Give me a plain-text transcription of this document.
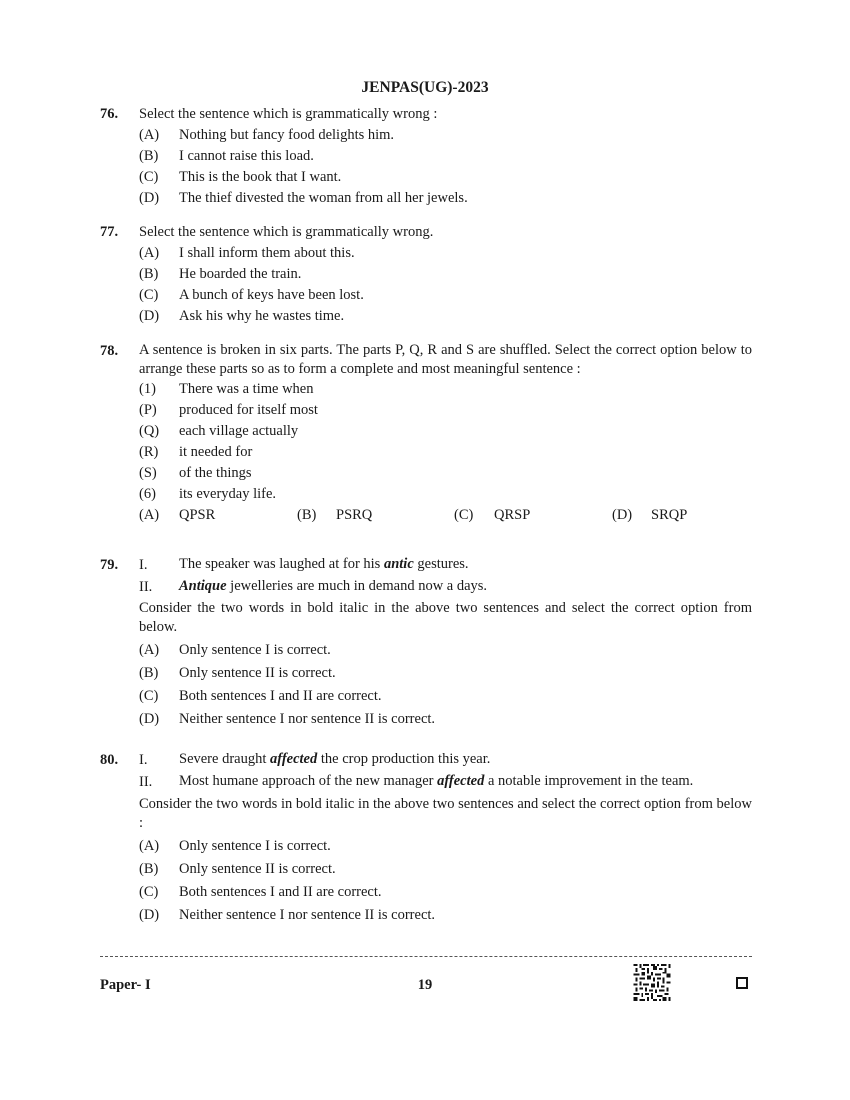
JENPAS(UG)-2023
76. Select the sentence which is grammatically wrong :
(A) Nothing but fancy food delights him.
(B) I cannot raise this load.
(C) This is the book that I want.
(D) The thief divested the woman from all her jewels.
77. Select the sentence which is grammatically wrong.
(A) I shall inform them about this.
(B) He boarded the train.
(C) A bunch of keys have been lost.
(D) Ask his why he wastes time.
78. A sentence is broken in six parts. The parts P, Q, R and S are shuffled. Select the correct option below to arrange these parts so as to form a complete and most meaningful sentence :
(1) There was a time when
(P) produced for itself most
(Q) each village actually
(R) it needed for
(S) of the things
(6) its everyday life.
(A) QPSR	(B) PSRQ	(C) QRSP	(D) SRQP
79. I. The speaker was laughed at for his antic gestures.
II. Antique jewelleries are much in demand now a days.
Consider the two words in bold italic in the above two sentences and select the correct option from below.
(A) Only sentence I is correct.
(B) Only sentence II is correct.
(C) Both sentences I and II are correct.
(D) Neither sentence I nor sentence II is correct.
80. I. Severe draught affected the crop production this year.
II. Most humane approach of the new manager affected a notable improvement in the team.
Consider the two words in bold italic in the above two sentences and select the correct option from below :
(A) Only sentence I is correct.
(B) Only sentence II is correct.
(C) Both sentences I and II are correct.
(D) Neither sentence I nor sentence II is correct.
Paper- I	19
